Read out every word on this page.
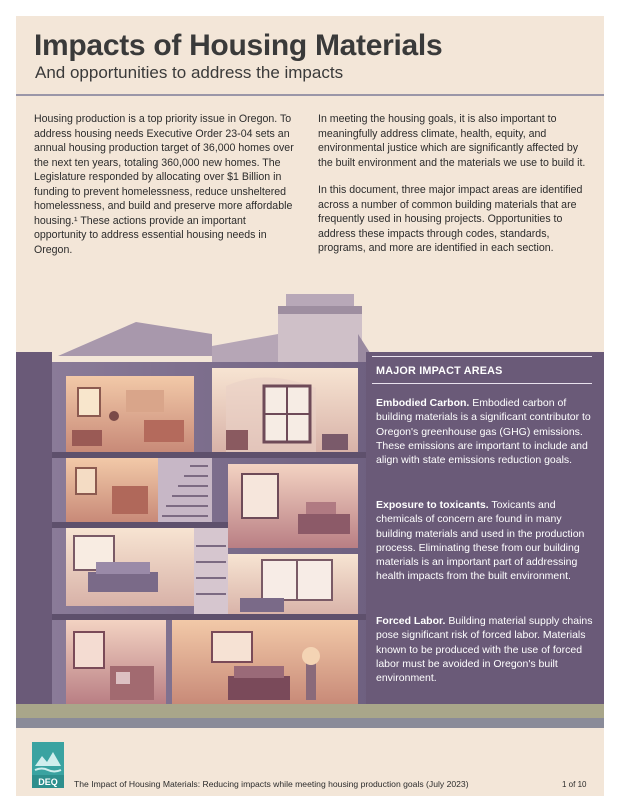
Impacts of Housing Materials
And opportunities to address the impacts

Housing production is a top priority issue in Oregon. To address housing needs Executive Order 23-04 sets an annual housing production target of 36,000 homes over the next ten years, totaling 360,000 new homes. The Legislature responded by allocating over $1 Billion in funding to prevent homelessness, reduce unsheltered homelessness, and build and preserve more affordable housing.¹ These actions provide an important opportunity to address essential housing needs in Oregon.

In meeting the housing goals, it is also important to meaningfully address climate, health, equity, and environmental justice which are significantly affected by the built environment and the materials we use to build it.

In this document, three major impact areas are identified across a number of common building materials that are frequently used in housing projects. Opportunities to address these impacts through codes, standards, programs, and more are identified in each section.

MAJOR IMPACT AREAS
Embodied Carbon. Embodied carbon of building materials is a significant contributor to Oregon's greenhouse gas (GHG) emissions. These emissions are important to include and align with state emissions reduction goals.
Exposure to toxicants. Toxicants and chemicals of concern are found in many building materials and used in the production process. Eliminating these from our building materials is an important part of addressing health impacts from the built environment.
Forced Labor. Building material supply chains pose significant risk of forced labor. Materials known to be produced with the use of forced labor must be avoided in Oregon's built environment.
DEQ The Impact of Housing Materials: Reducing impacts while meeting housing production goals (July 2023)	1 of 10
